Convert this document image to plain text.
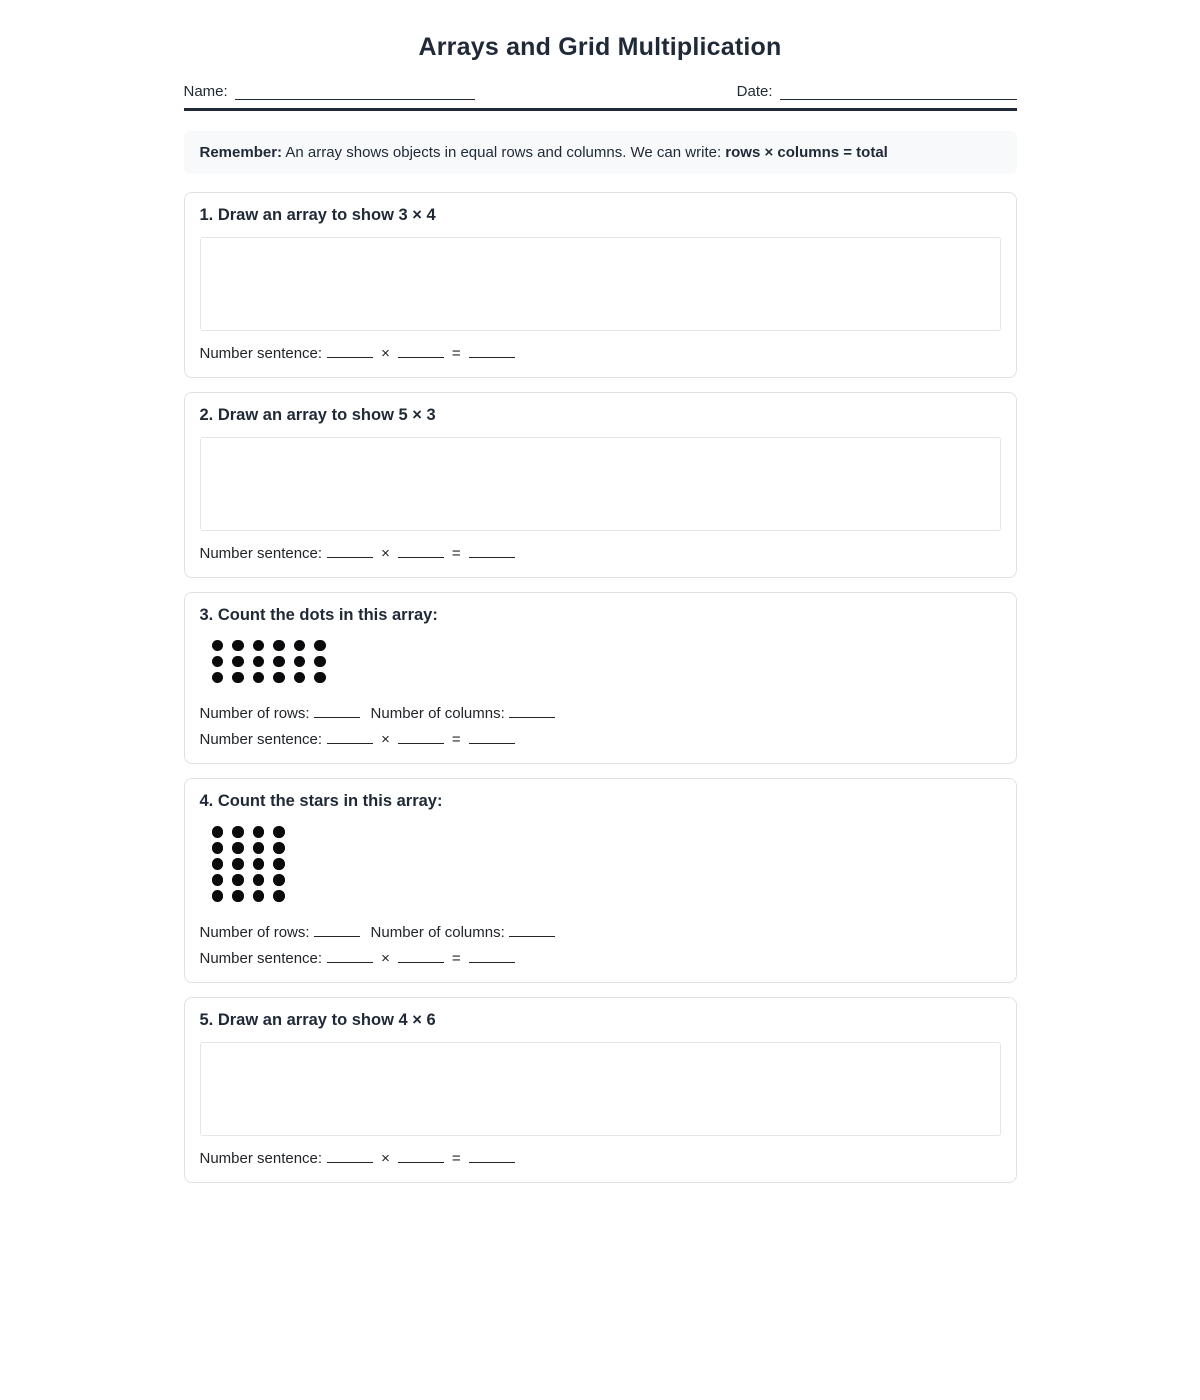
Arrays and Grid Multiplication
Name:	Date:
Remember: An array shows objects in equal rows and columns. We can write: rows × columns = total
1. Draw an array to show 3 × 4
Number sentence:	×	=
2. Draw an array to show 5 × 3
Number sentence:	×	=
3. Count the dots in this array:
Number of rows:	Number of columns:
Number sentence:	×	=
4. Count the stars in this array:
Number of rows:	Number of columns:
Number sentence:	×	=
5. Draw an array to show 4 × 6
Number sentence:	×	=
